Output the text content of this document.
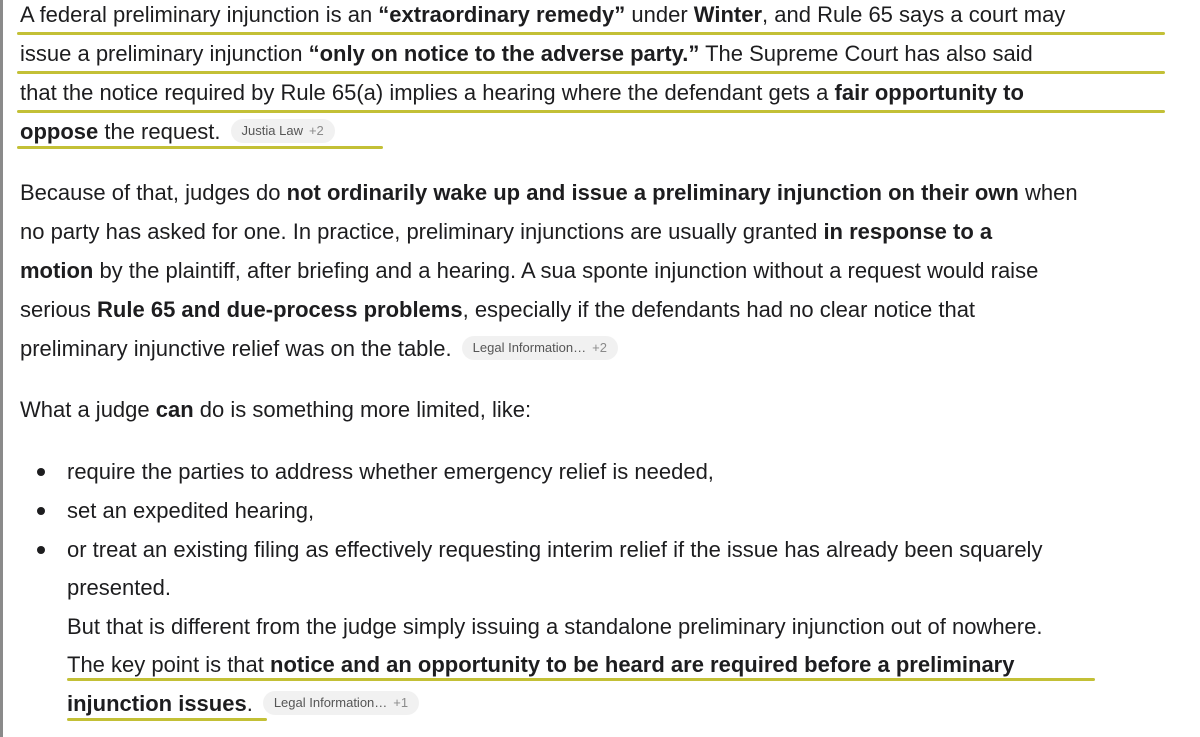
A federal preliminary injunction is an “extraordinary remedy” under Winter, and Rule 65 says a court may
issue a preliminary injunction “only on notice to the adverse party.” The Supreme Court has also said
that the notice required by Rule 65(a) implies a hearing where the defendant gets a fair opportunity to
oppose the request. Justia Law +2
Because of that, judges do not ordinarily wake up and issue a preliminary injunction on their own when
no party has asked for one. In practice, preliminary injunctions are usually granted in response to a
motion by the plaintiff, after briefing and a hearing. A sua sponte injunction without a request would raise
serious Rule 65 and due-process problems, especially if the defendants had no clear notice that
preliminary injunctive relief was on the table. Legal Information… +2
What a judge can do is something more limited, like:
require the parties to address whether emergency relief is needed,
set an expedited hearing,
or treat an existing filing as effectively requesting interim relief if the issue has already been squarely
presented.
But that is different from the judge simply issuing a standalone preliminary injunction out of nowhere.
The key point is that notice and an opportunity to be heard are required before a preliminary
injunction issues. Legal Information… +1
